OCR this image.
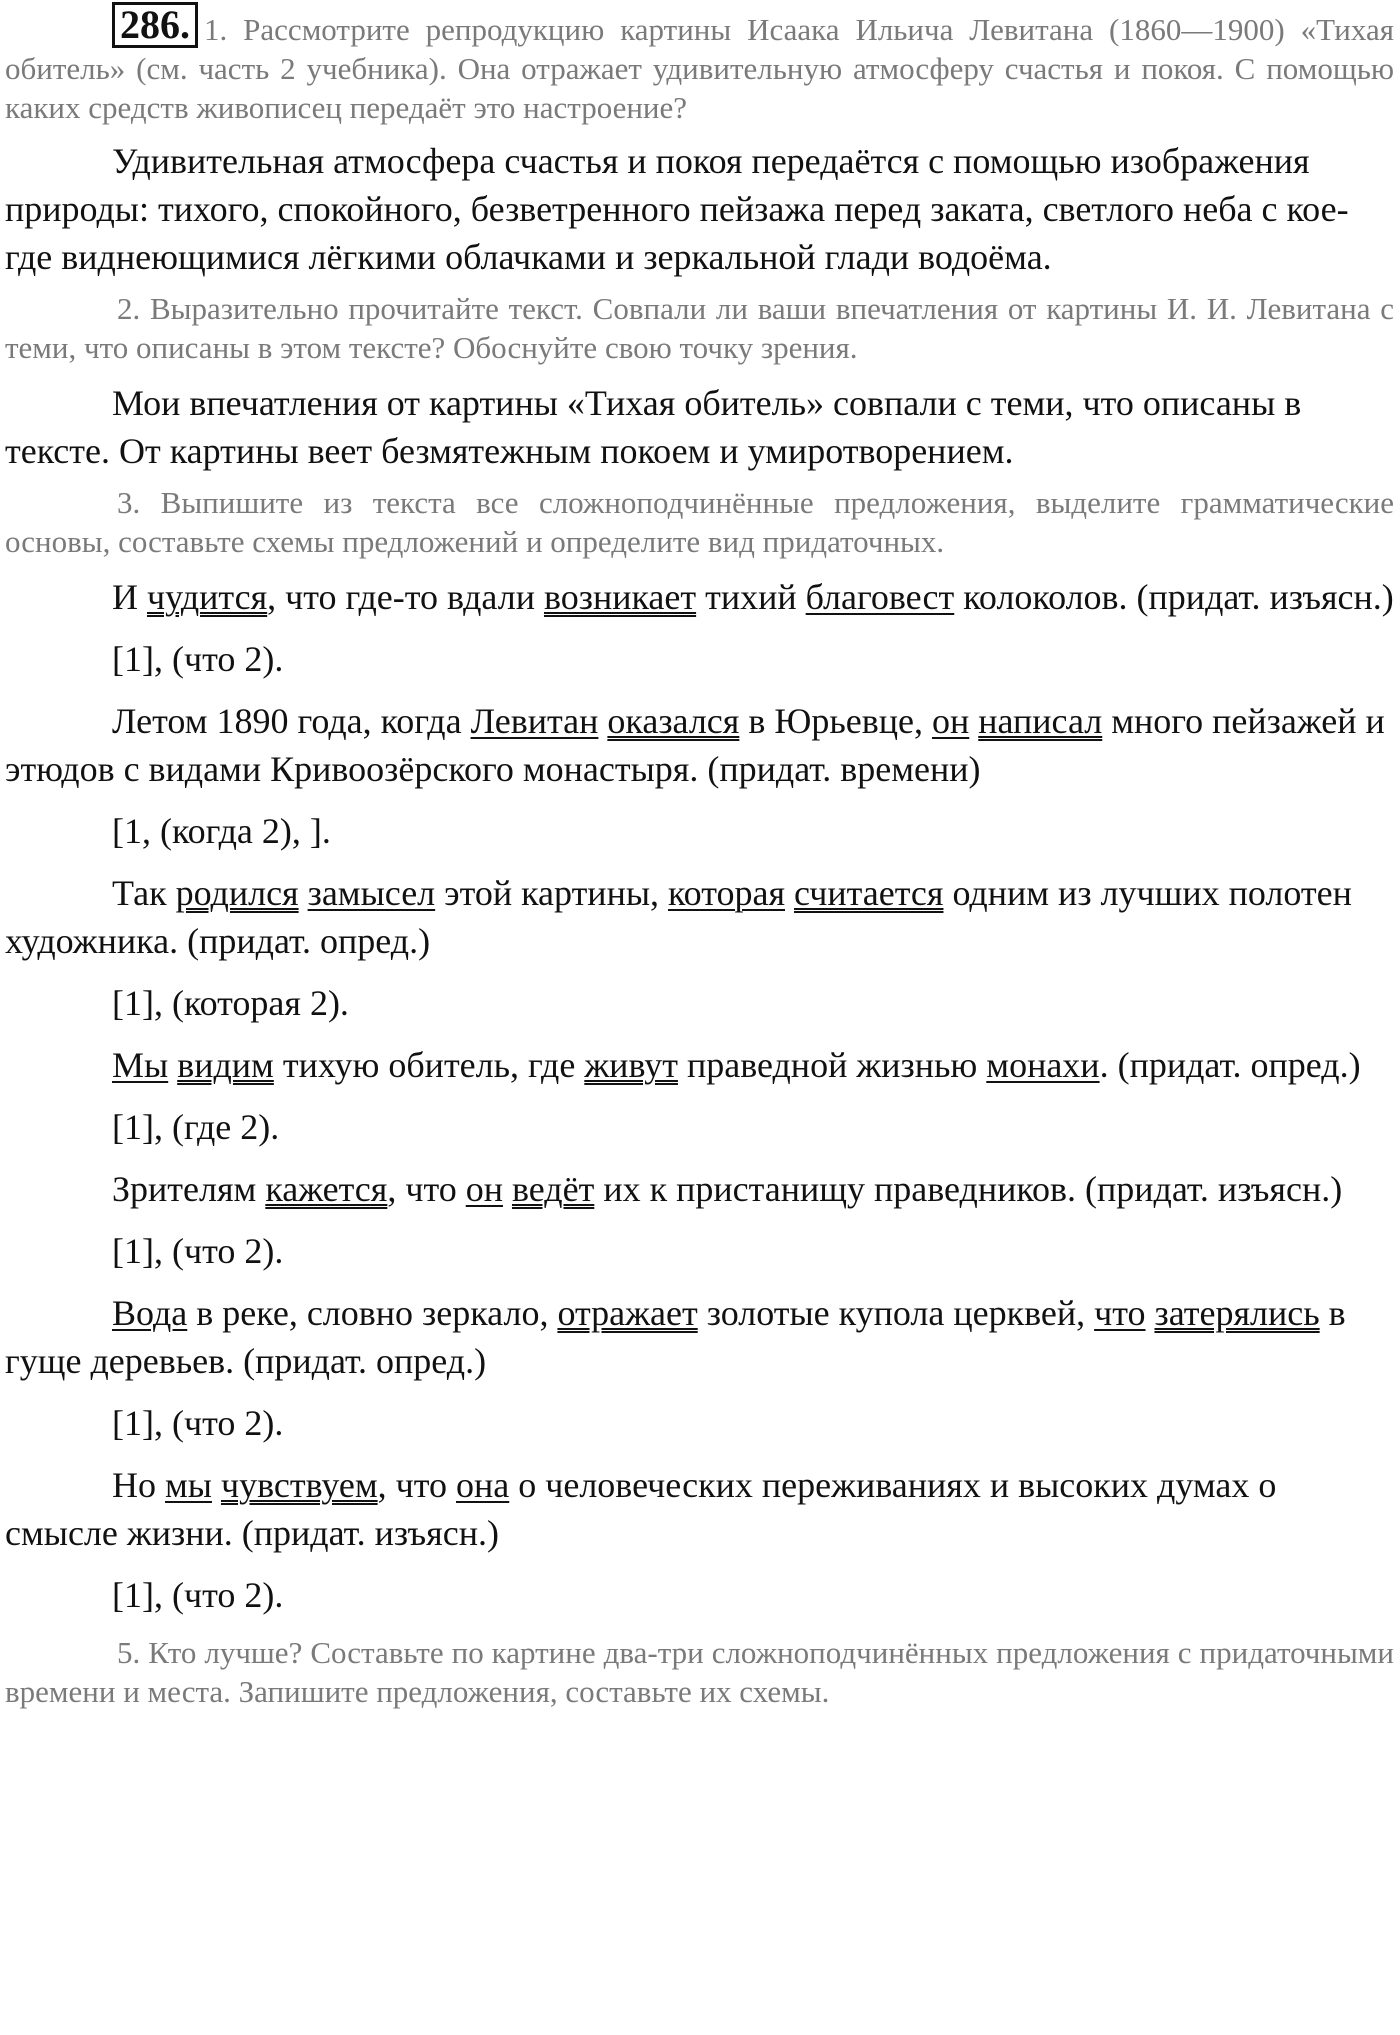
286. 1. Рассмотрите репродукцию картины Исаака Ильича Левитана (1860—1900) «Тихая обитель» (см. часть 2 учебника). Она отражает удивительную атмосферу счастья и покоя. С помощью каких средств живописец передаёт это настроение?

Удивительная атмосфера счастья и покоя передаётся с помощью изображения природы: тихого, спокойного, безветренного пейзажа перед заката, светлого неба с кое-где виднеющимися лёгкими облачками и зеркальной глади водоёма.

2. Выразительно прочитайте текст. Совпали ли ваши впечатления от картины И. И. Левитана с теми, что описаны в этом тексте? Обоснуйте свою точку зрения.

Мои впечатления от картины «Тихая обитель» совпали с теми, что описаны в тексте. От картины веет безмятежным покоем и умиротворением.

3. Выпишите из текста все сложноподчинённые предложения, выделите грамматические основы, составьте схемы предложений и определите вид придаточных.

И чудится, что где-то вдали возникает тихий благовест колоколов. (придат. изъясн.)

[1], (что 2).

Летом 1890 года, когда Левитан оказался в Юрьевце, он написал много пейзажей и этюдов с видами Кривоозёрского монастыря. (придат. времени)

[1, (когда 2), ].

Так родился замысел этой картины, которая считается одним из лучших полотен художника. (придат. опред.)

[1], (которая 2).

Мы видим тихую обитель, где живут праведной жизнью монахи. (придат. опред.)

[1], (где 2).

Зрителям кажется, что он ведёт их к пристанищу праведников. (придат. изъясн.)

[1], (что 2).

Вода в реке, словно зеркало, отражает золотые купола церквей, что затерялись в гуще деревьев. (придат. опред.)

[1], (что 2).

Но мы чувствуем, что она о человеческих переживаниях и высоких думах о смысле жизни. (придат. изъясн.)

[1], (что 2).

5. Кто лучше? Составьте по картине два-три сложноподчинённых предложения с придаточными времени и места. Запишите предложения, составьте их схемы.
